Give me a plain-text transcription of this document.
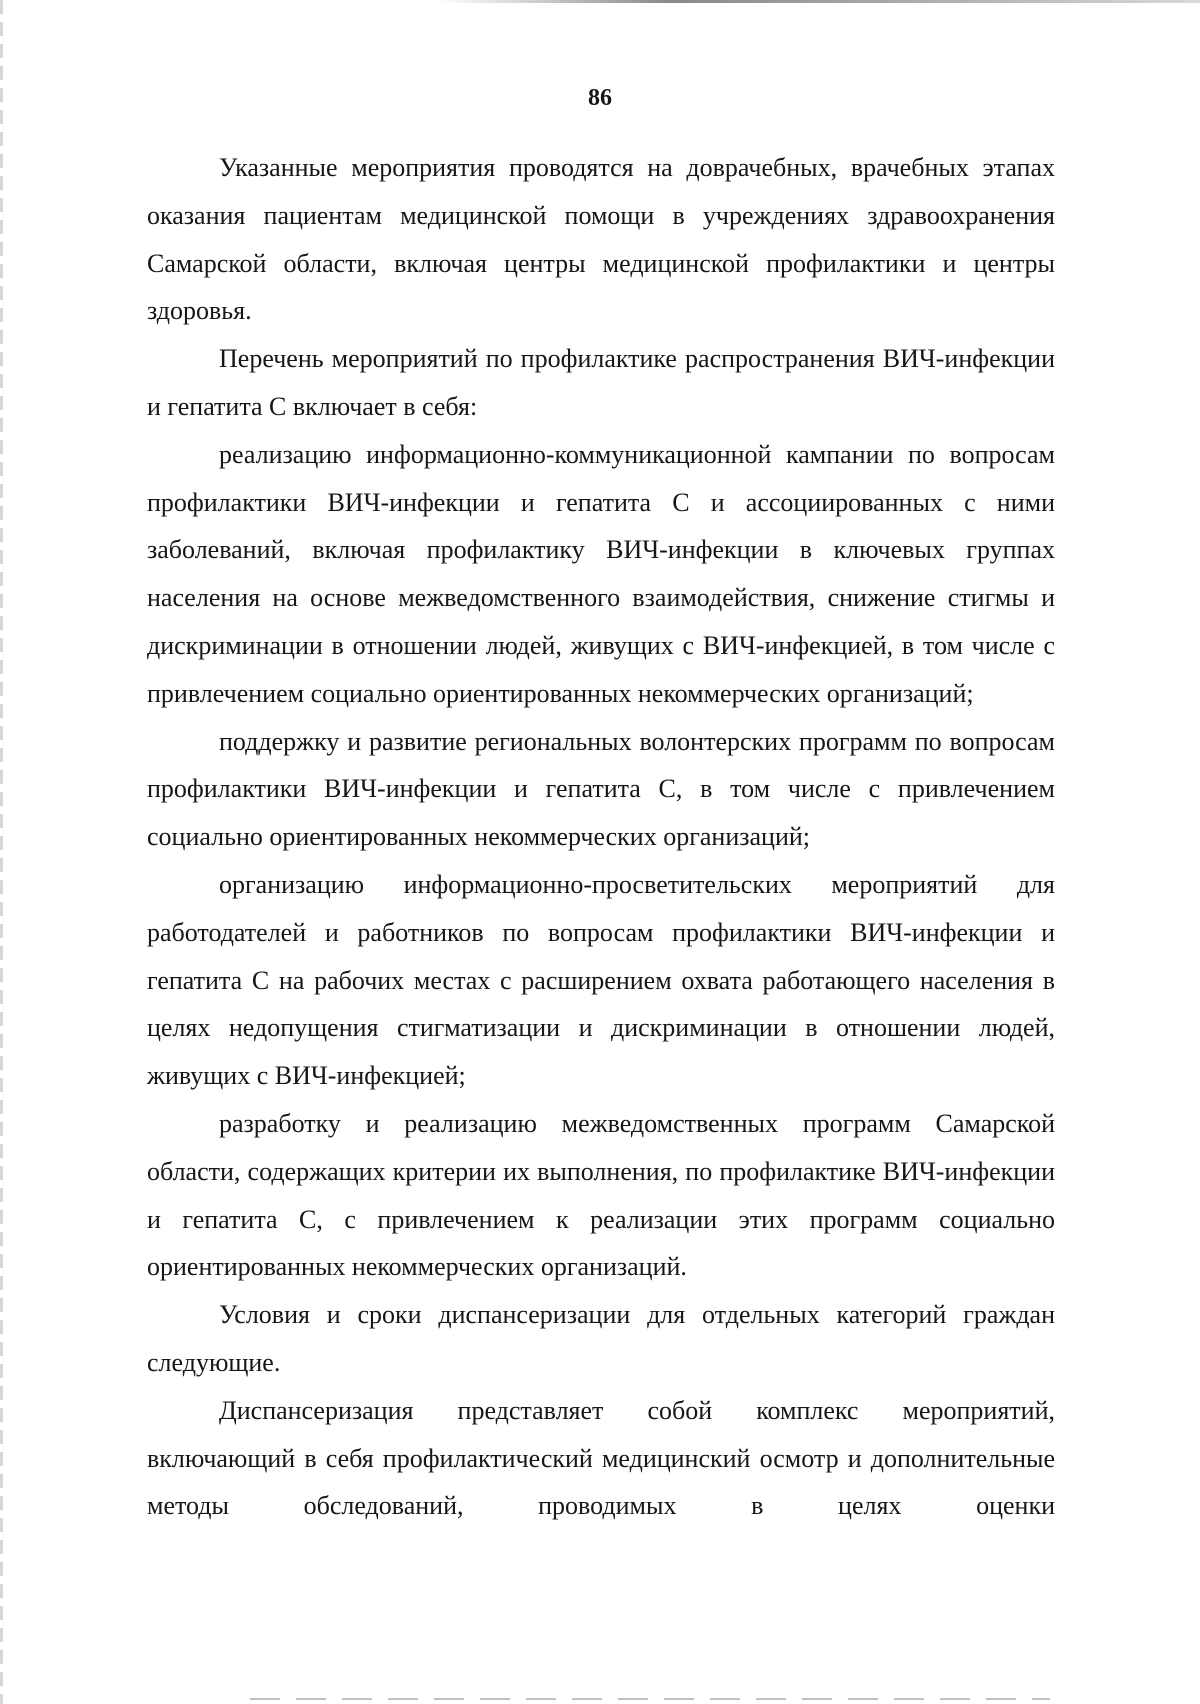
86

Указанные мероприятия проводятся на доврачебных, врачебных этапах оказания пациентам медицинской помощи в учреждениях здравоохранения Самарской области, включая центры медицинской профилактики и центры здоровья.

Перечень мероприятий по профилактике распространения ВИЧ-инфекции и гепатита С включает в себя:

реализацию информационно-коммуникационной кампании по вопросам профилактики ВИЧ-инфекции и гепатита С и ассоциированных с ними заболеваний, включая профилактику ВИЧ-инфекции в ключевых группах населения на основе межведомственного взаимодействия, снижение стигмы и дискриминации в отношении людей, живущих с ВИЧ-инфекцией, в том числе с привлечением социально ориентированных некоммерческих организаций;

поддержку и развитие региональных волонтерских программ по вопросам профилактики ВИЧ-инфекции и гепатита С, в том числе с привлечением социально ориентированных некоммерческих организаций;

организацию информационно-просветительских мероприятий для работодателей и работников по вопросам профилактики ВИЧ-инфекции и гепатита С на рабочих местах с расширением охвата работающего населения в целях недопущения стигматизации и дискриминации в отношении людей, живущих с ВИЧ-инфекцией;

разработку и реализацию межведомственных программ Самарской области, содержащих критерии их выполнения, по профилактике ВИЧ-инфекции и гепатита С, с привлечением к реализации этих программ социально ориентированных некоммерческих организаций.

Условия и сроки диспансеризации для отдельных категорий граждан следующие.

Диспансеризация представляет собой комплекс мероприятий, включающий в себя профилактический медицинский осмотр и дополнительные методы обследований, проводимых в целях оценки
